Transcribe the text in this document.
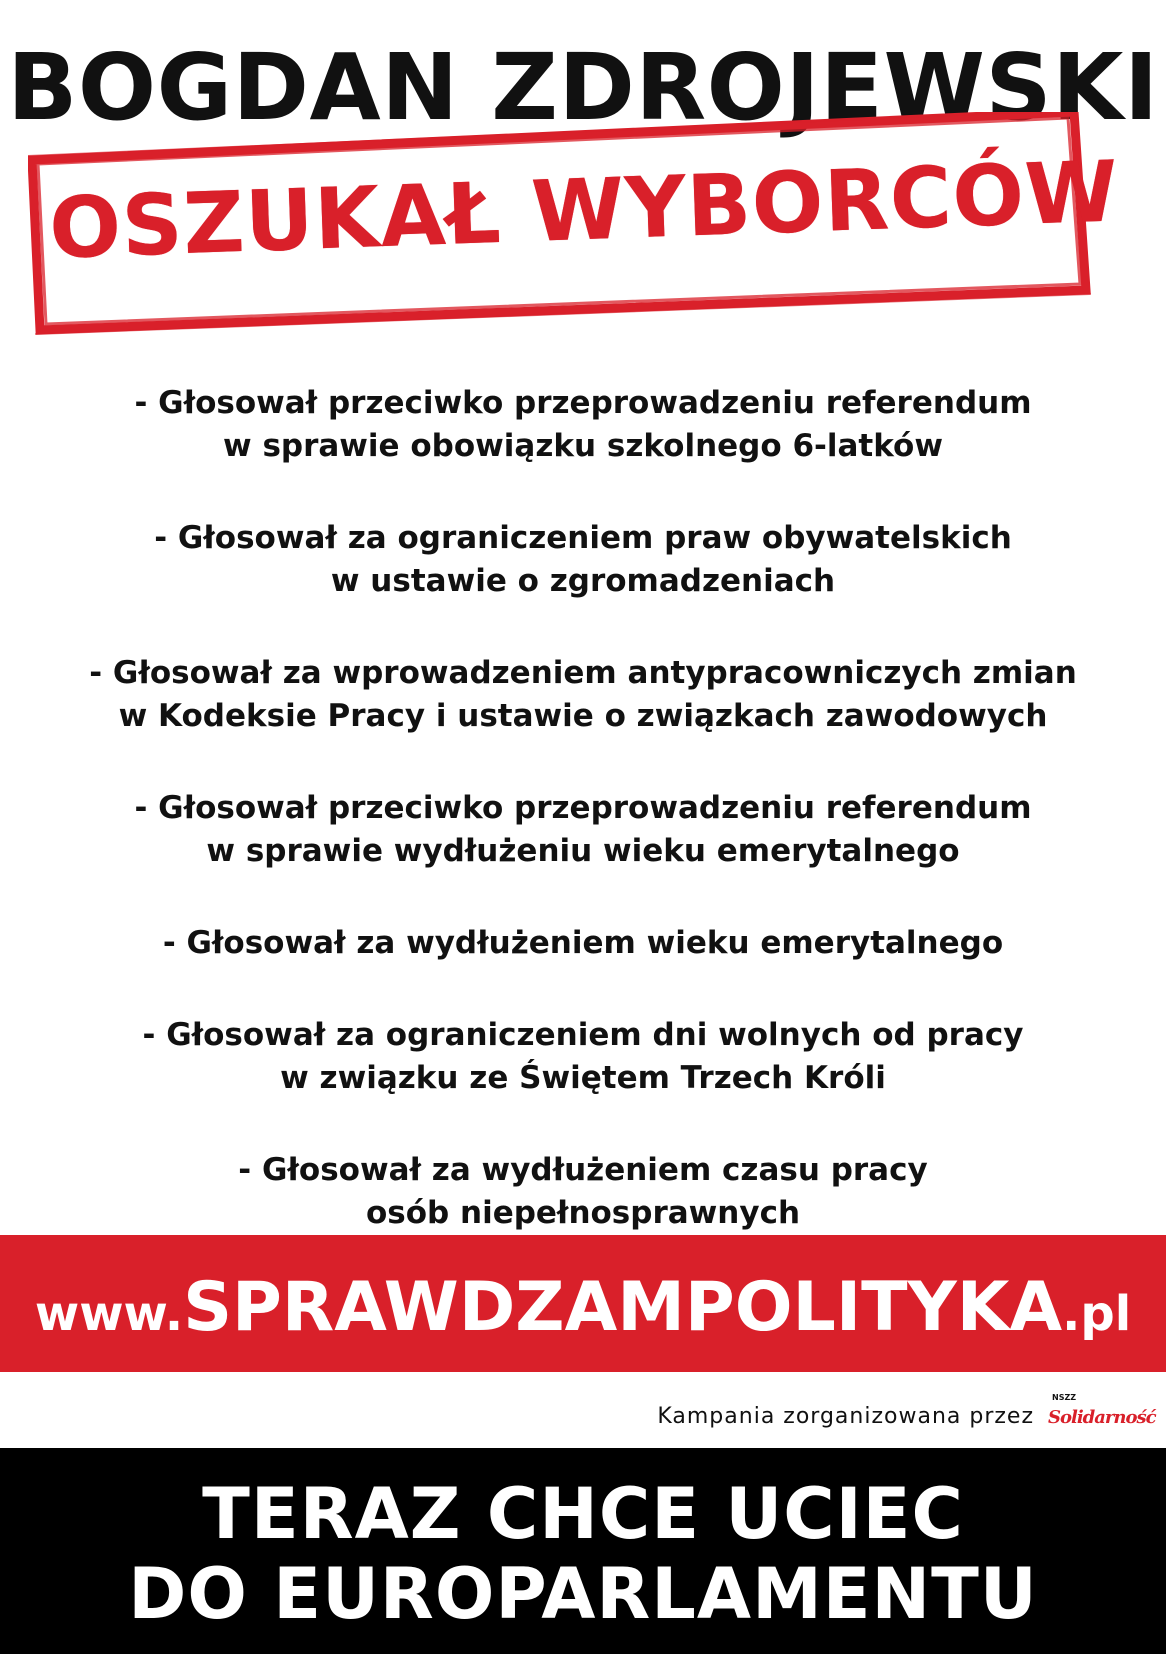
BOGDAN ZDROJEWSKI
OSZUKAŁ WYBORCÓW
- Głosował przeciwko przeprowadzeniu referendum
w sprawie obowiązku szkolnego 6-latków
- Głosował za ograniczeniem praw obywatelskich
w ustawie o zgromadzeniach
- Głosował za wprowadzeniem antypracowniczych zmian
w Kodeksie Pracy i ustawie o związkach zawodowych
- Głosował przeciwko przeprowadzeniu referendum
w sprawie wydłużeniu wieku emerytalnego
- Głosował za wydłużeniem wieku emerytalnego
- Głosował za ograniczeniem dni wolnych od pracy
w związku ze Świętem Trzech Króli
- Głosował za wydłużeniem czasu pracy
osób niepełnosprawnych
www.SPRAWDZAMPOLITYKA.pl
Kampania zorganizowana przez
NSZZ
Solidarność
TERAZ CHCE UCIEC
DO EUROPARLAMENTU
